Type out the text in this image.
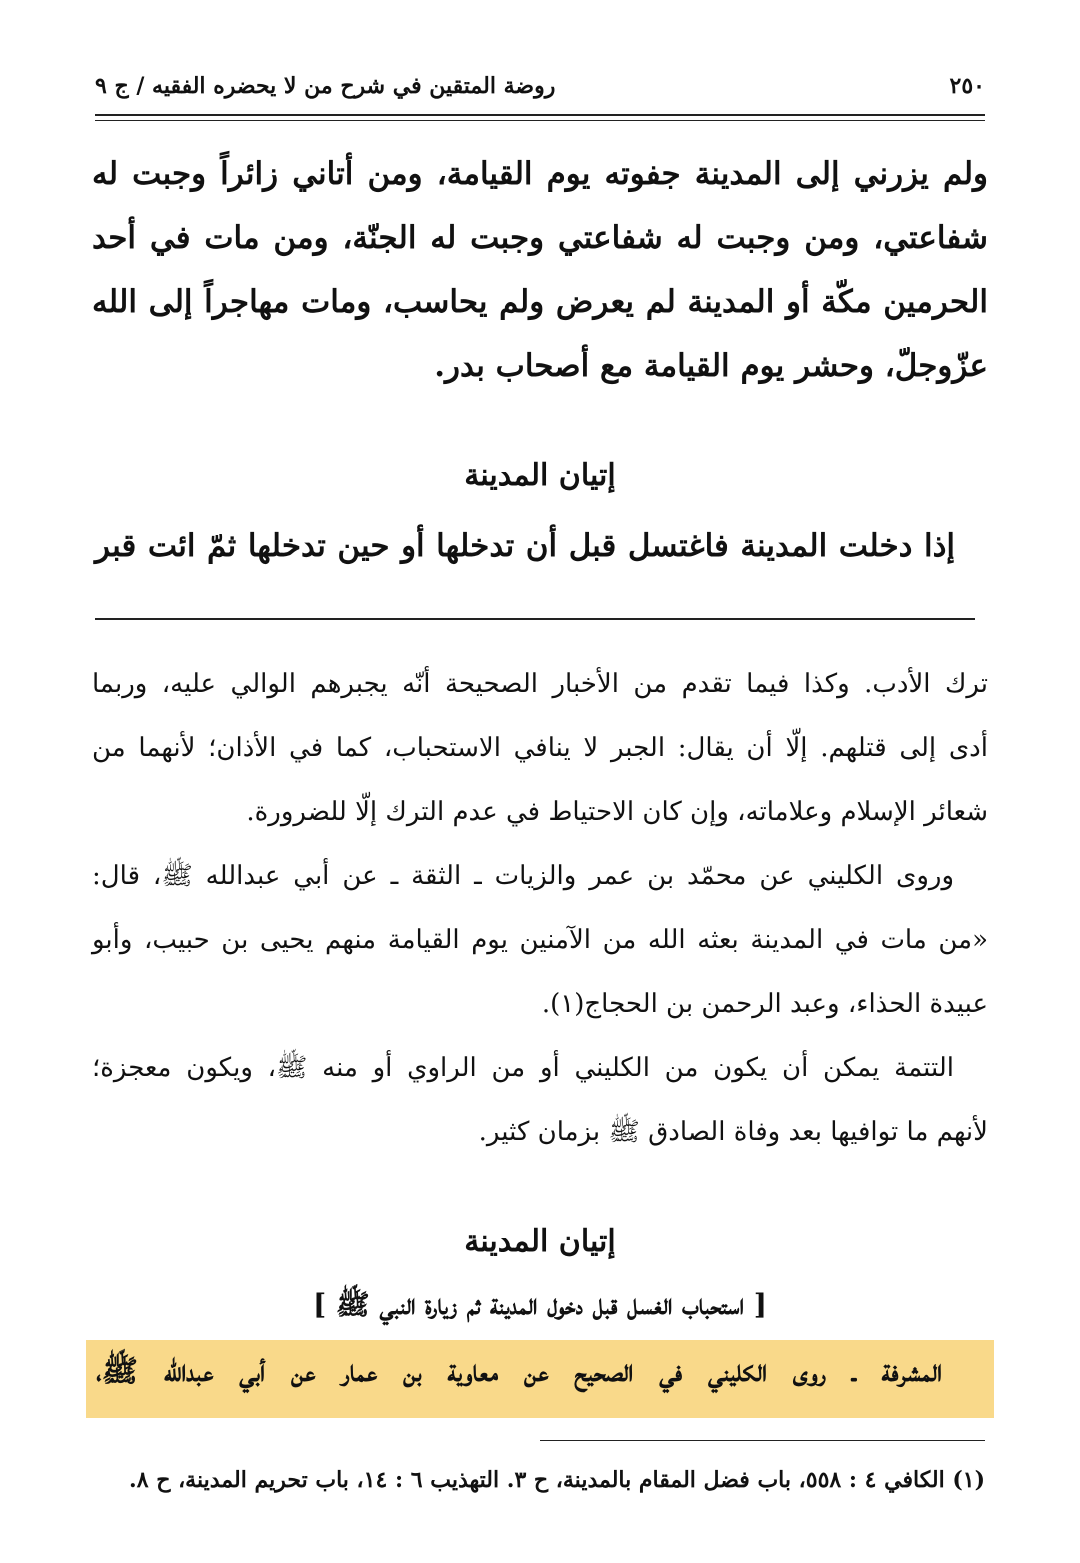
٢٥٠
روضة المتقين في شرح من لا يحضره الفقيه / ج ٩
ولم يزرني إلى المدينة جفوته يوم القيامة، ومن أتاني زائراً وجبت له
شفاعتي، ومن وجبت له شفاعتي وجبت له الجنّة، ومن مات في أحد
الحرمين مكّة أو المدينة لم يعرض ولم يحاسب، ومات مهاجراً إلى الله
عزّوجلّ، وحشر يوم القيامة مع أصحاب بدر.
إتيان المدينة
إذا دخلت المدينة فاغتسل قبل أن تدخلها أو حين تدخلها ثمّ ائت قبر
ترك الأدب. وكذا فيما تقدم من الأخبار الصحيحة أنّه يجبرهم الوالي عليه، وربما
أدى إلى قتلهم. إلّا أن يقال: الجبر لا ينافي الاستحباب، كما في الأذان؛ لأنهما من
شعائر الإسلام وعلاماته، وإن كان الاحتياط في عدم الترك إلّا للضرورة.
وروى الكليني عن محمّد بن عمر والزيات ـ الثقة ـ عن أبي عبدالله ﷺ، قال:
«من مات في المدينة بعثه الله من الآمنين يوم القيامة منهم يحيى بن حبيب، وأبو
عبيدة الحذاء، وعبد الرحمن بن الحجاج(١).
التتمة يمكن أن يكون من الكليني أو من الراوي أو منه ﷺ، ويكون معجزة؛
لأنهم ما توافيها بعد وفاة الصادق ﷺ بزمان كثير.
إتيان المدينة
[ استحباب الغسل قبل دخول المدينة ثم زيارة النبي ﷺ ]
المشرفة ـ روى الكليني في الصحيح عن معاوية بن عمار عن أبي عبدالله ﷺ،
(١) الكافي ٤ : ٥٥٨، باب فضل المقام بالمدينة، ح ٣. التهذيب ٦ : ١٤، باب تحريم المدينة، ح ٨.
